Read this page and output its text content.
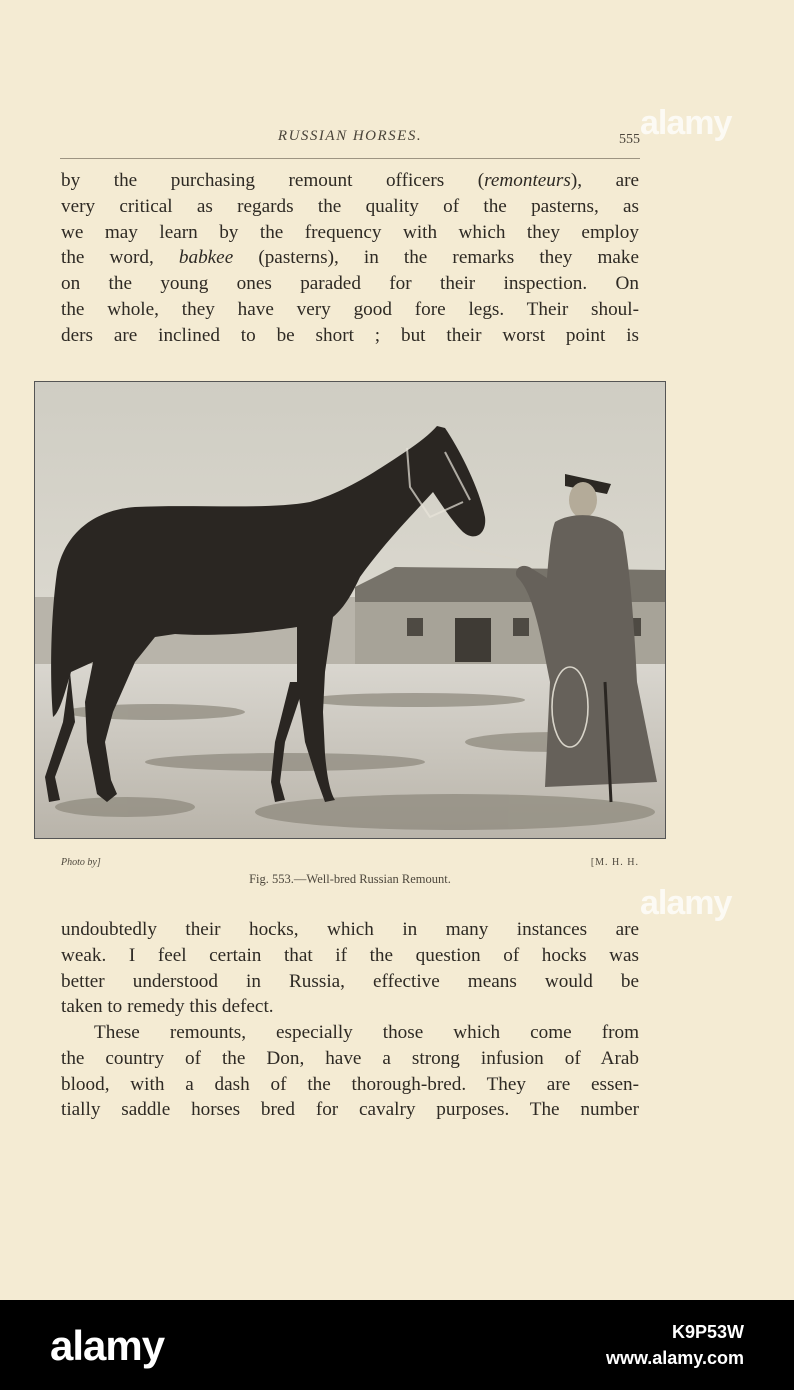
RUSSIAN HORSES.	555
by the purchasing remount officers (remonteurs), are
very critical as regards the quality of the pasterns, as
we may learn by the frequency with which they employ
the word, babkee (pasterns), in the remarks they make
on the young ones paraded for their inspection. On
the whole, they have very good fore legs. Their shoul-
ders are inclined to be short ; but their worst point is
Photo by]	[M. H. H.
Fig. 553.—Well-bred Russian Remount.
undoubtedly their hocks, which in many instances are
weak. I feel certain that if the question of hocks was
better understood in Russia, effective means would be
taken to remedy this defect.
These remounts, especially those which come from
the country of the Don, have a strong infusion of Arab
blood, with a dash of the thorough-bred. They are essen-
tially saddle horses bred for cavalry purposes. The number
alamy
alamy
alamy	K9P53W
www.alamy.com
